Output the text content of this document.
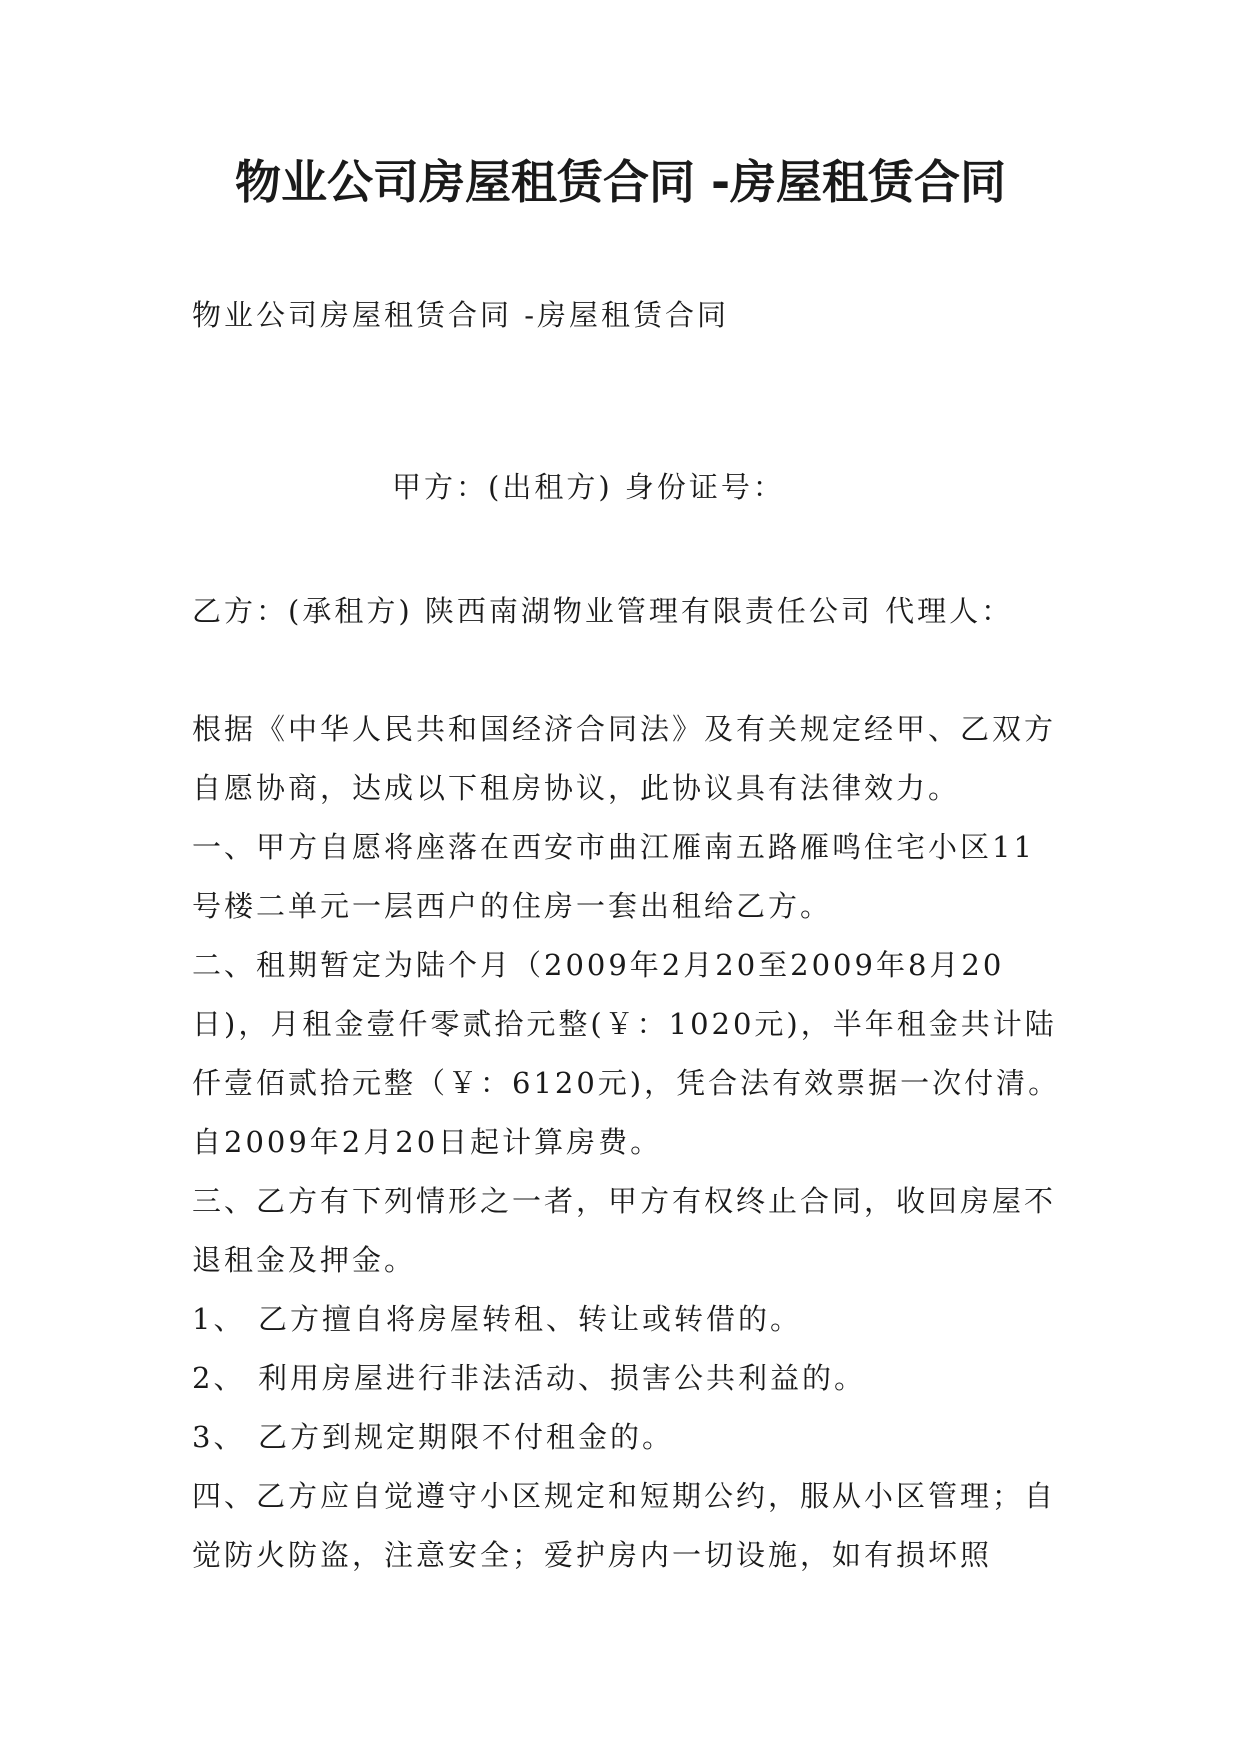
物业公司房屋租赁合同 -房屋租赁合同

物业公司房屋租赁合同 -房屋租赁合同

甲方：(出租方) 身份证号：

乙方：(承租方) 陕西南湖物业管理有限责任公司 代理人：

根据《中华人民共和国经济合同法》及有关规定经甲、乙双方自愿协商，达成以下租房协议，此协议具有法律效力。

一、甲方自愿将座落在西安市曲江雁南五路雁鸣住宅小区11号楼二单元一层西户的住房一套出租给乙方。

二、租期暂定为陆个月（2009年2月20至2009年8月20日)，月租金壹仟零贰拾元整(￥：1020元)，半年租金共计陆仟壹佰贰拾元整（￥：6120元)，凭合法有效票据一次付清。自2009年2月20日起计算房费。

三、乙方有下列情形之一者，甲方有权终止合同，收回房屋不退租金及押金。

1、 乙方擅自将房屋转租、转让或转借的。

2、 利用房屋进行非法活动、损害公共利益的。

3、 乙方到规定期限不付租金的。

四、乙方应自觉遵守小区规定和短期公约，服从小区管理；自觉防火防盗，注意安全；爱护房内一切设施，如有损坏照
